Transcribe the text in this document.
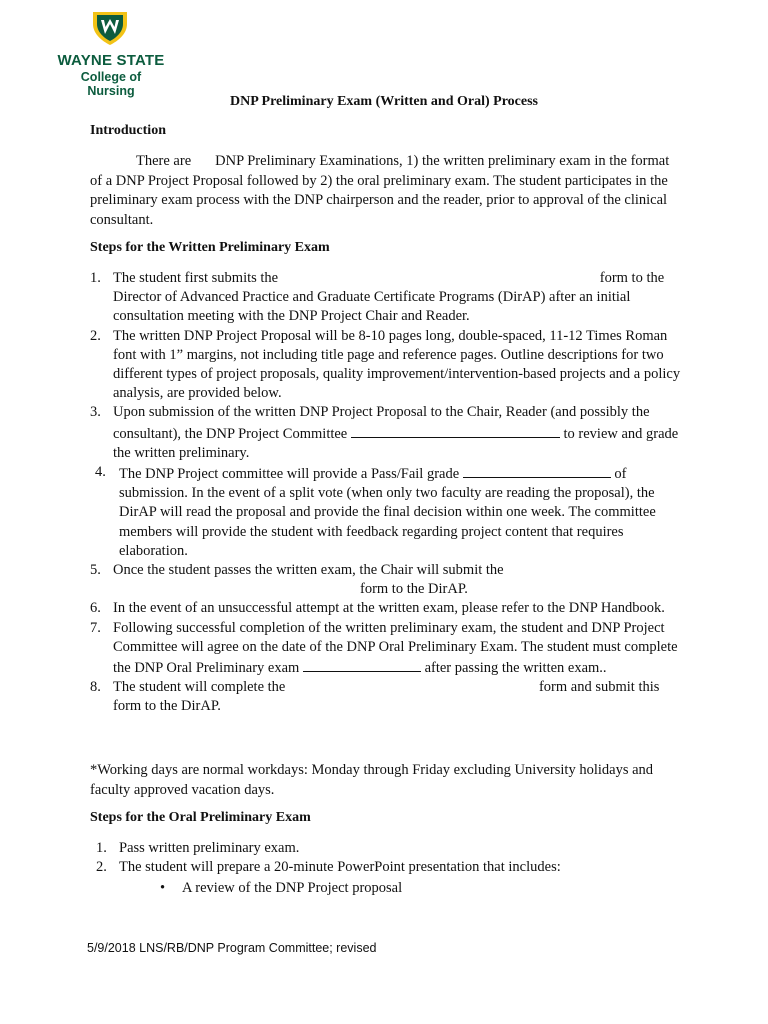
WAYNE STATE
College of Nursing
DNP Preliminary Exam (Written and Oral) Process
Introduction
There are DNP Preliminary Examinations, 1) the written preliminary exam in the format of a DNP Project Proposal followed by 2) the oral preliminary exam. The student participates in the preliminary exam process with the DNP chairperson and the reader, prior to approval of the clinical consultant.
Steps for the Written Preliminary Exam
1. The student first submits the	form to the Director of Advanced Practice and Graduate Certificate Programs (DirAP) after an initial consultation meeting with the DNP Project Chair and Reader.
2. The written DNP Project Proposal will be 8-10 pages long, double-spaced, 11-12 Times Roman font with 1” margins, not including title page and reference pages. Outline descriptions for two different types of project proposals, quality improvement/intervention-based projects and a policy analysis, are provided below.
3. Upon submission of the written DNP Project Proposal to the Chair, Reader (and possibly the consultant), the DNP Project Committee	to review and grade the written preliminary.
4. The DNP Project committee will provide a Pass/Fail grade	of submission. In the event of a split vote (when only two faculty are reading the proposal), the DirAP will read the proposal and provide the final decision within one week. The committee members will provide the student with feedback regarding project content that requires elaboration.
5. Once the student passes the written exam, the Chair will submit the
form to the DirAP.
6. In the event of an unsuccessful attempt at the written exam, please refer to the DNP Handbook.
7. Following successful completion of the written preliminary exam, the student and DNP Project Committee will agree on the date of the DNP Oral Preliminary Exam. The student must complete the DNP Oral Preliminary exam	after passing the written exam..
8. The student will complete the	form and submit this form to the DirAP.
*Working days are normal workdays: Monday through Friday excluding University holidays and faculty approved vacation days.
Steps for the Oral Preliminary Exam
1. Pass written preliminary exam.
2. The student will prepare a 20-minute PowerPoint presentation that includes:
• A review of the DNP Project proposal
5/9/2018 LNS/RB/DNP Program Committee; revised
